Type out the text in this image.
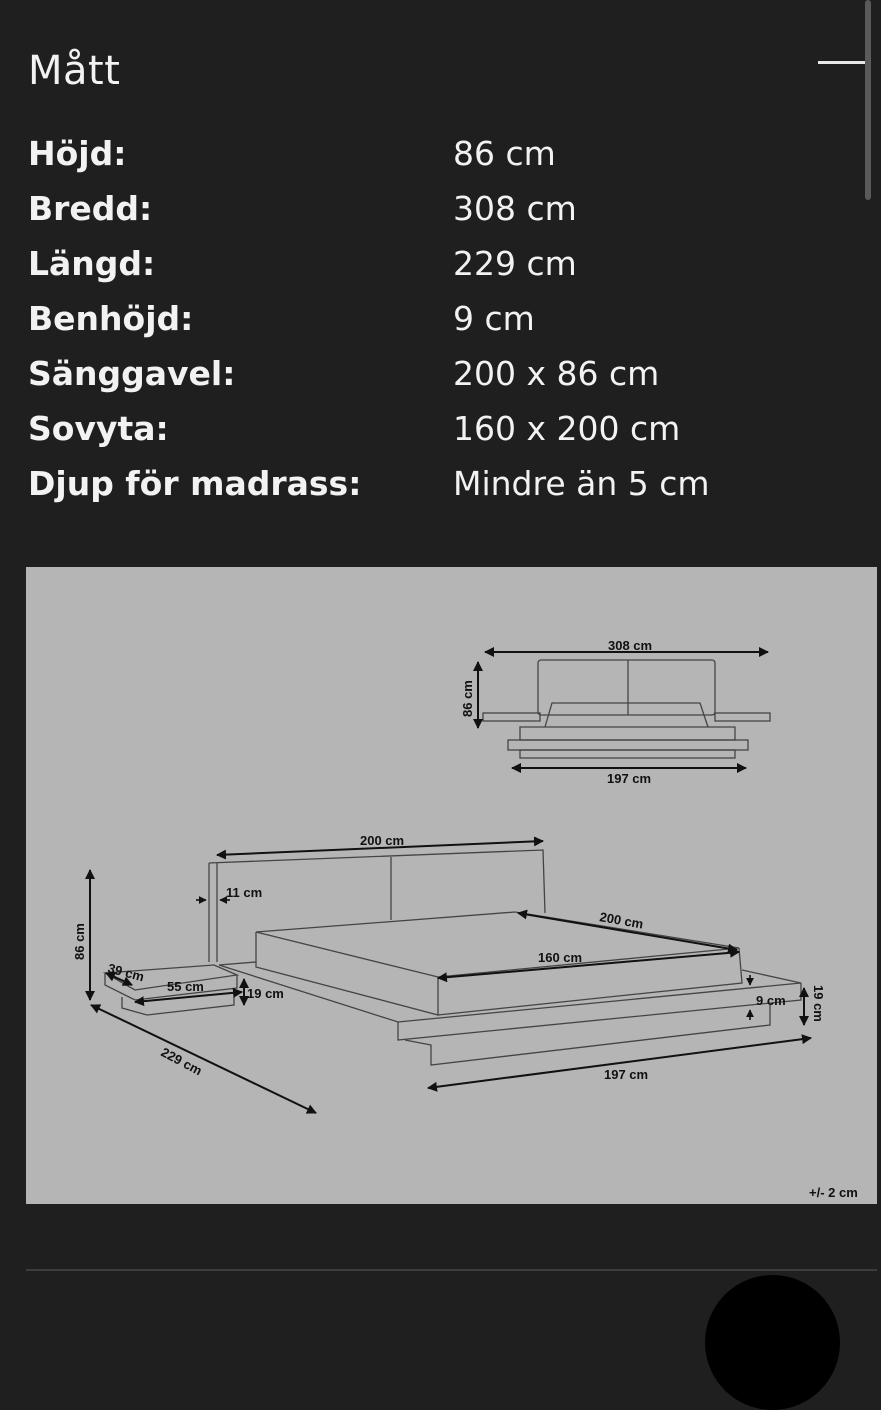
Mått
Höjd:	86 cm
Bredd:	308 cm
Längd:	229 cm
Benhöjd:	9 cm
Sänggavel:	200 x 86 cm
Sovyta:	160 x 200 cm
Djup för madrass:	Mindre än 5 cm
308 cm
86 cm
197 cm
200 cm
11 cm
200 cm
160 cm
39 cm
55 cm	19 cm
86 cm
229 cm	197 cm
9 cm 19 cm
+/- 2 cm
